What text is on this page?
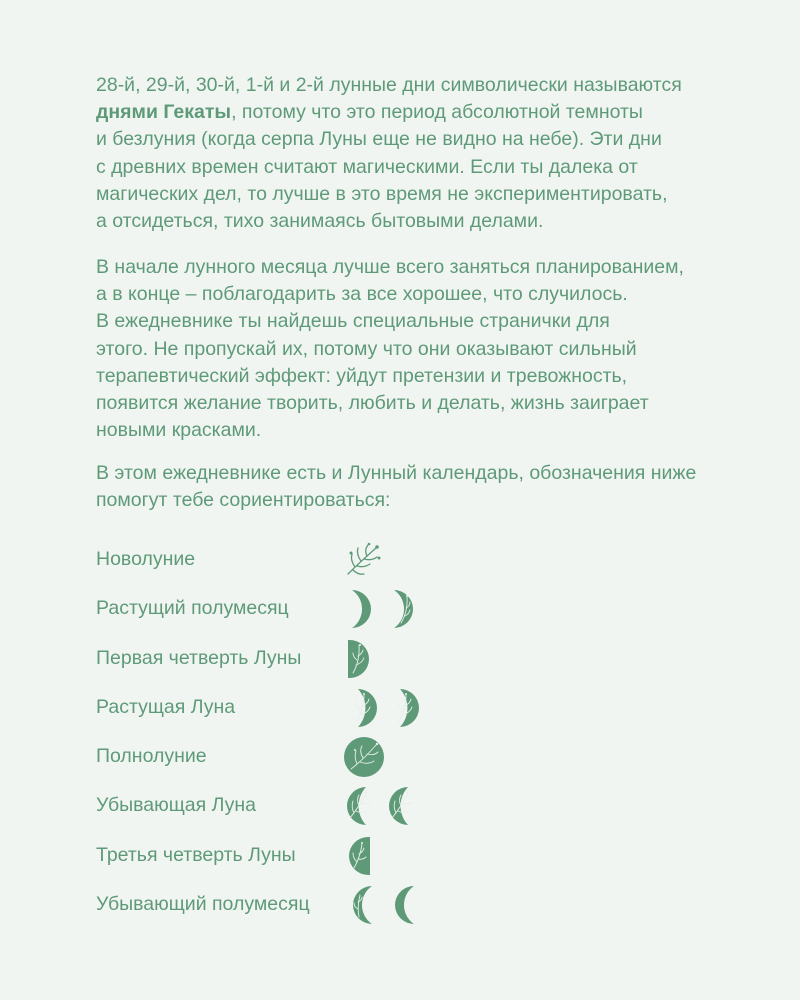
28-й, 29-й, 30-й, 1-й и 2-й лунные дни символически называются
днями Гекаты, потому что это период абсолютной темноты
и безлуния (когда серпа Луны еще не видно на небе). Эти дни
с древних времен считают магическими. Если ты далека от
магических дел, то лучше в это время не экспериментировать,
а отсидеться, тихо занимаясь бытовыми делами.

В начале лунного месяца лучше всего заняться планированием,
а в конце – поблагодарить за все хорошее, что случилось.
В ежедневнике ты найдешь специальные странички для
этого. Не пропускай их, потому что они оказывают сильный
терапевтический эффект: уйдут претензии и тревожность,
появится желание творить, любить и делать, жизнь заиграет
новыми красками.

В этом ежедневнике есть и Лунный календарь, обозначения ниже
помогут тебе сориентироваться:

Новолуние
Растущий полумесяц
Первая четверть Луны
Растущая Луна
Полнолуние
Убывающая Луна
Третья четверть Луны
Убывающий полумесяц
